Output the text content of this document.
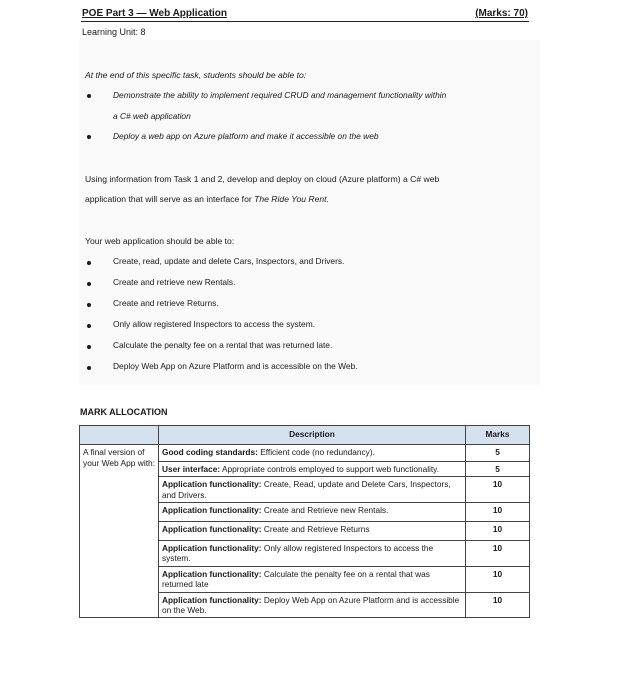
POE Part 3 — Web Application	(Marks: 70)
Learning Unit: 8
At the end of this specific task, students should be able to:
Demonstrate the ability to implement required CRUD and management functionality within
a C# web application
Deploy a web app on Azure platform and make it accessible on the web
Using information from Task 1 and 2, develop and deploy on cloud (Azure platform) a C# web
application that will serve as an interface for The Ride You Rent.
Your web application should be able to:
Create, read, update and delete Cars, Inspectors, and Drivers.
Create and retrieve new Rentals.
Create and retrieve Returns.
Only allow registered Inspectors to access the system.
Calculate the penalty fee on a rental that was returned late.
Deploy Web App on Azure Platform and is accessible on the Web.
MARK ALLOCATION
	Description	Marks
A final version of your Web App with:	Good coding standards: Efficient code (no redundancy).	5
	User interface: Appropriate controls employed to support web functionality.	5
	Application functionality: Create, Read, update and Delete Cars, Inspectors, and Drivers.	10
	Application functionality: Create and Retrieve new Rentals.	10
	Application functionality: Create and Retrieve Returns	10
	Application functionality: Only allow registered Inspectors to access the system.	10
	Application functionality: Calculate the penalty fee on a rental that was returned late	10
	Application functionality: Deploy Web App on Azure Platform and is accessible on the Web.	10
